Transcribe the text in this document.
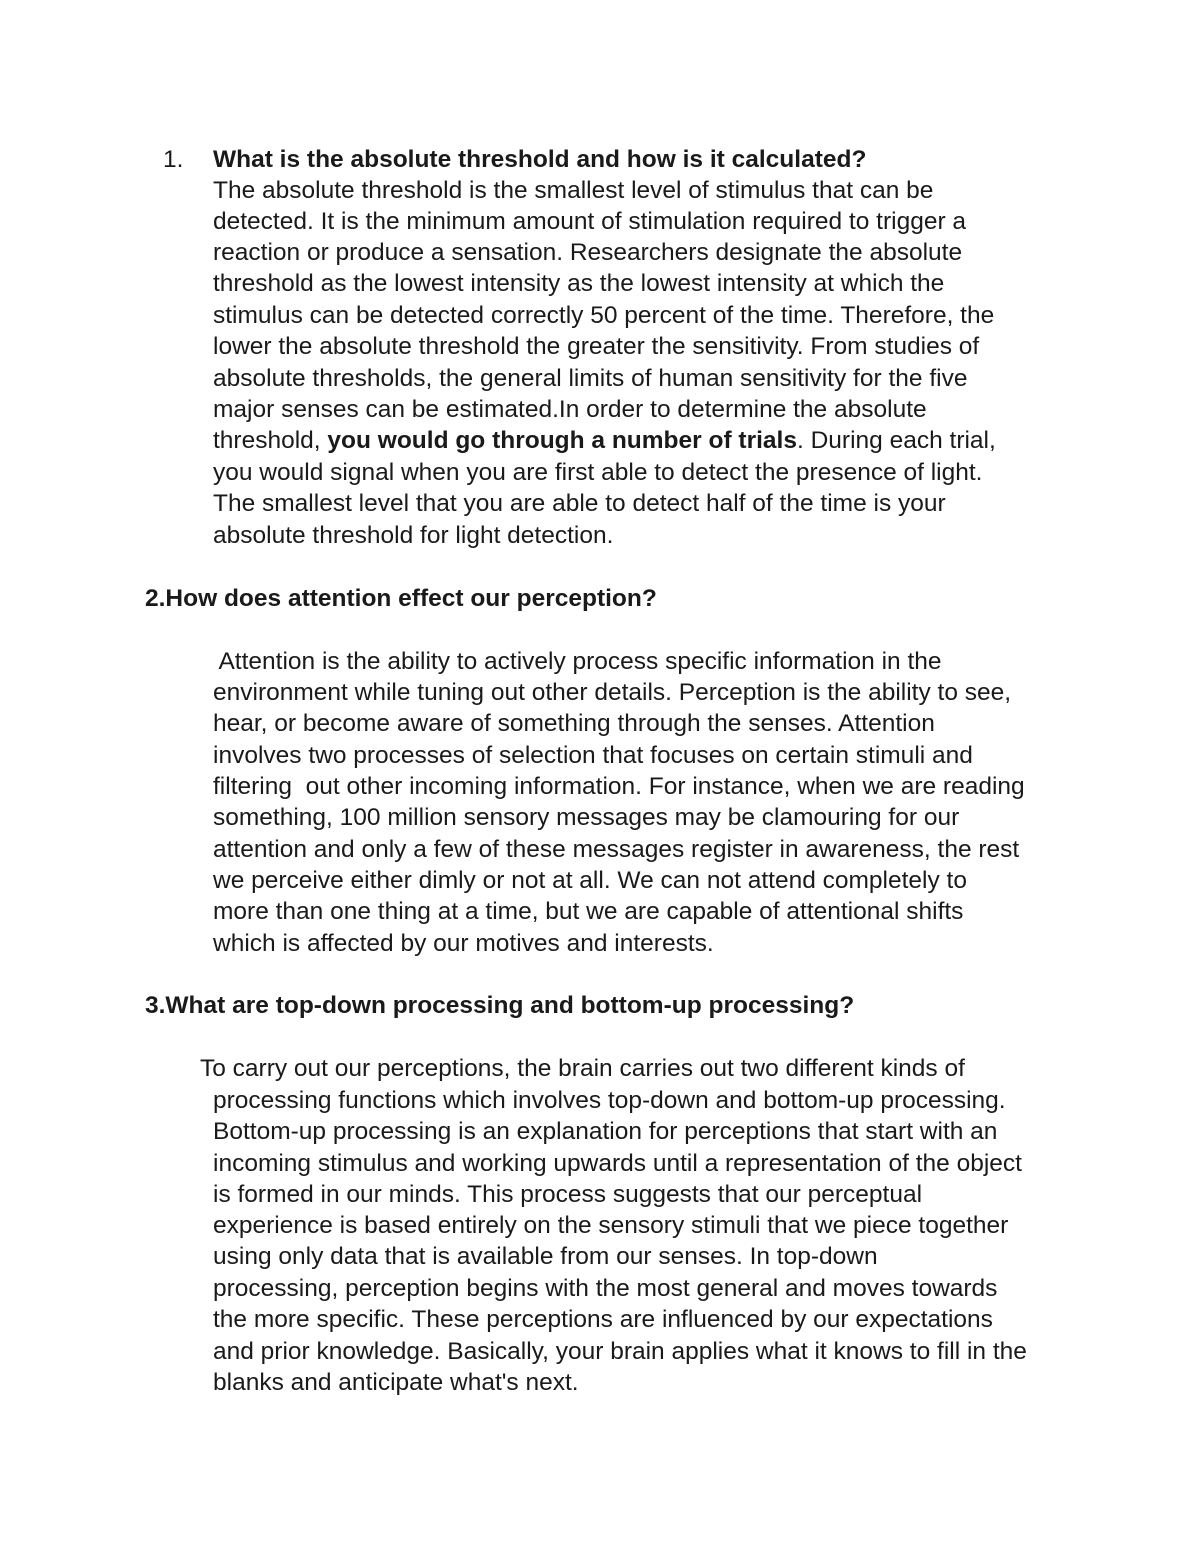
1. What is the absolute threshold and how is it calculated?
The absolute threshold is the smallest level of stimulus that can be
detected. It is the minimum amount of stimulation required to trigger a
reaction or produce a sensation. Researchers designate the absolute
threshold as the lowest intensity as the lowest intensity at which the
stimulus can be detected correctly 50 percent of the time. Therefore, the
lower the absolute threshold the greater the sensitivity. From studies of
absolute thresholds, the general limits of human sensitivity for the five
major senses can be estimated.In order to determine the absolute
threshold, you would go through a number of trials. During each trial,
you would signal when you are first able to detect the presence of light.
The smallest level that you are able to detect half of the time is your
absolute threshold for light detection.
2.How does attention effect our perception?
Attention is the ability to actively process specific information in the
environment while tuning out other details. Perception is the ability to see,
hear, or become aware of something through the senses. Attention
involves two processes of selection that focuses on certain stimuli and
filtering  out other incoming information. For instance, when we are reading
something, 100 million sensory messages may be clamouring for our
attention and only a few of these messages register in awareness, the rest
we perceive either dimly or not at all. We can not attend completely to
more than one thing at a time, but we are capable of attentional shifts
which is affected by our motives and interests.
3.What are top-down processing and bottom-up processing?
To carry out our perceptions, the brain carries out two different kinds of
processing functions which involves top-down and bottom-up processing.
Bottom-up processing is an explanation for perceptions that start with an
incoming stimulus and working upwards until a representation of the object
is formed in our minds. This process suggests that our perceptual
experience is based entirely on the sensory stimuli that we piece together
using only data that is available from our senses. In top-down
processing, perception begins with the most general and moves towards
the more specific. These perceptions are influenced by our expectations
and prior knowledge. Basically, your brain applies what it knows to fill in the
blanks and anticipate what's next.
